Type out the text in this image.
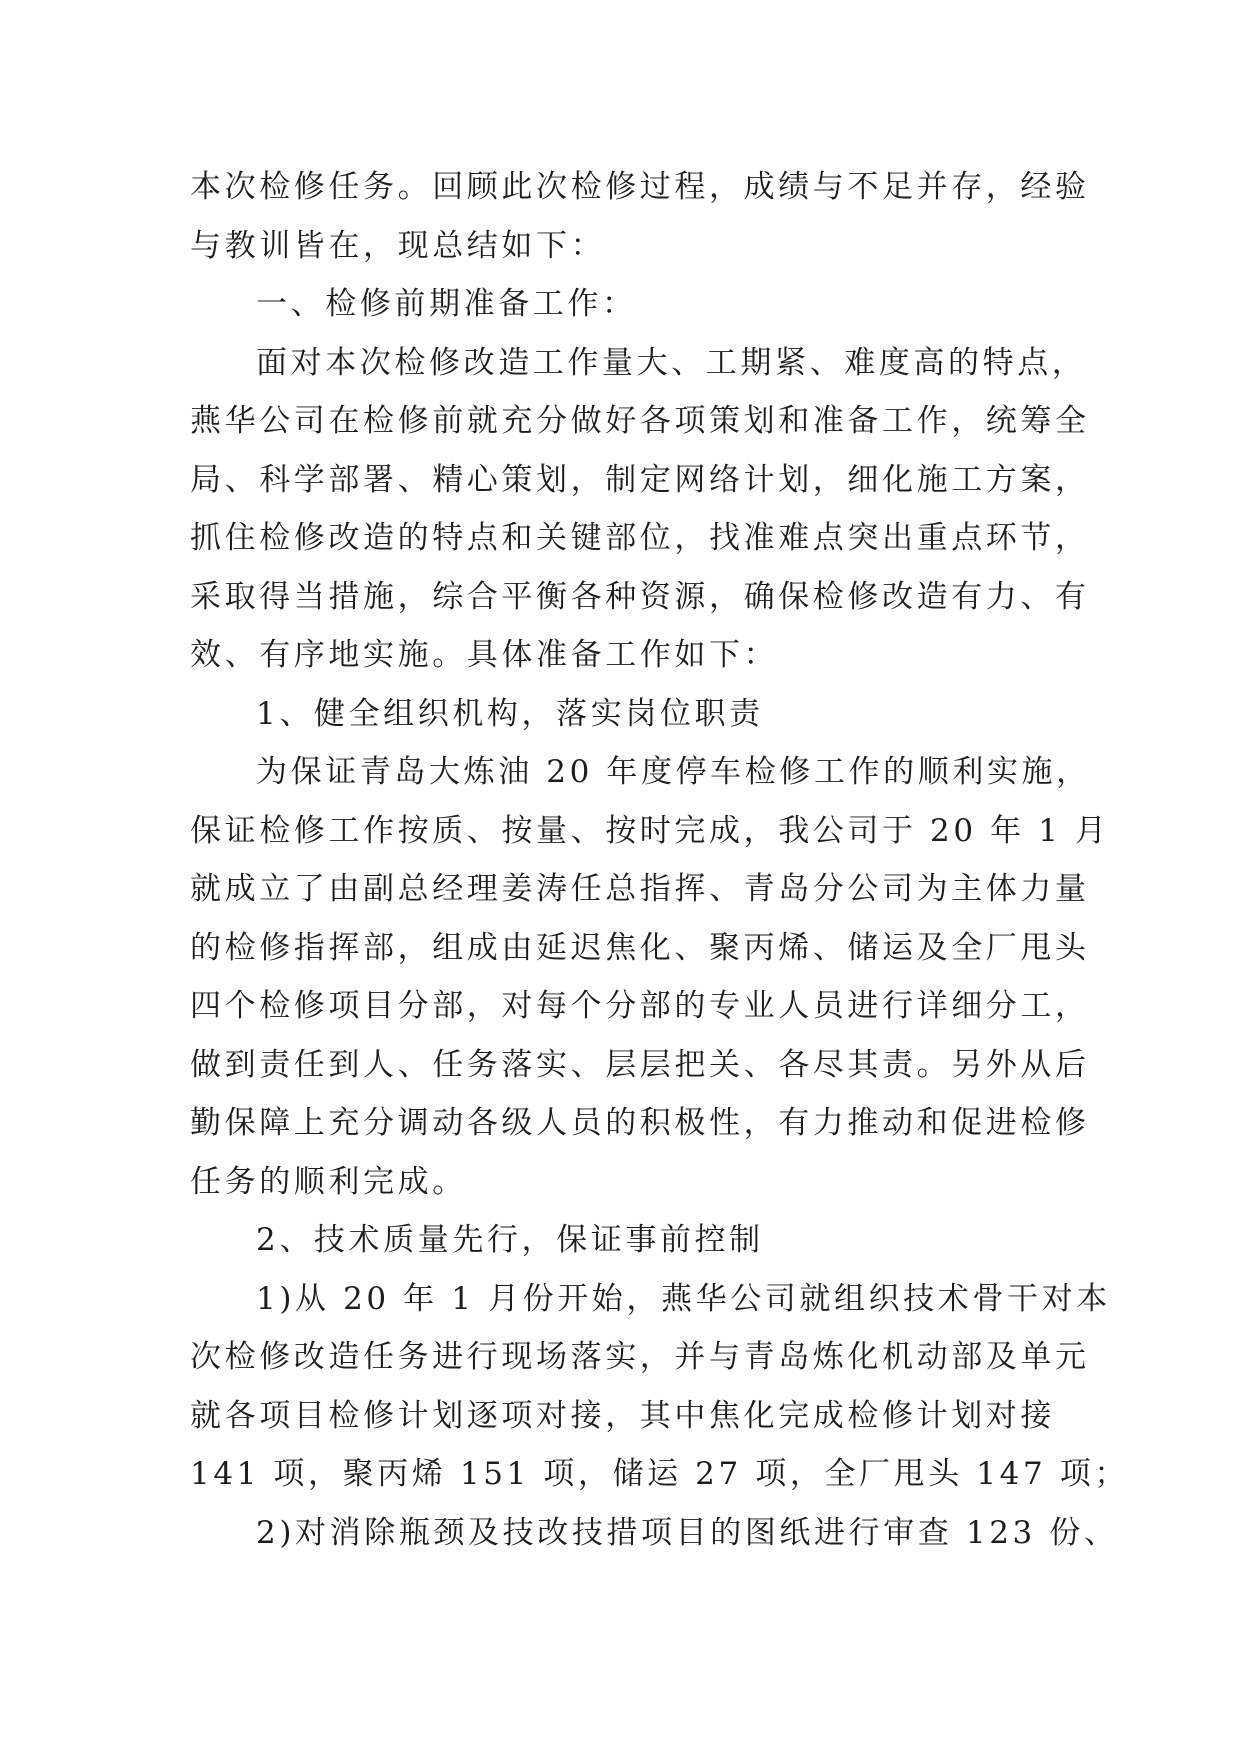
本次检修任务。回顾此次检修过程，成绩与不足并存，经验
与教训皆在，现总结如下：
一、检修前期准备工作：
面对本次检修改造工作量大、工期紧、难度高的特点，
燕华公司在检修前就充分做好各项策划和准备工作，统筹全
局、科学部署、精心策划，制定网络计划，细化施工方案，
抓住检修改造的特点和关键部位，找准难点突出重点环节，
采取得当措施，综合平衡各种资源，确保检修改造有力、有
效、有序地实施。具体准备工作如下：
1、健全组织机构，落实岗位职责
为保证青岛大炼油 20 年度停车检修工作的顺利实施，
保证检修工作按质、按量、按时完成，我公司于 20 年 1 月
就成立了由副总经理姜涛任总指挥、青岛分公司为主体力量
的检修指挥部，组成由延迟焦化、聚丙烯、储运及全厂甩头
四个检修项目分部，对每个分部的专业人员进行详细分工，
做到责任到人、任务落实、层层把关、各尽其责。另外从后
勤保障上充分调动各级人员的积极性，有力推动和促进检修
任务的顺利完成。
2、技术质量先行，保证事前控制
1)从 20 年 1 月份开始，燕华公司就组织技术骨干对本
次检修改造任务进行现场落实，并与青岛炼化机动部及单元
就各项目检修计划逐项对接，其中焦化完成检修计划对接
141 项，聚丙烯 151 项，储运 27 项，全厂甩头 147 项；
2)对消除瓶颈及技改技措项目的图纸进行审查 123 份、
